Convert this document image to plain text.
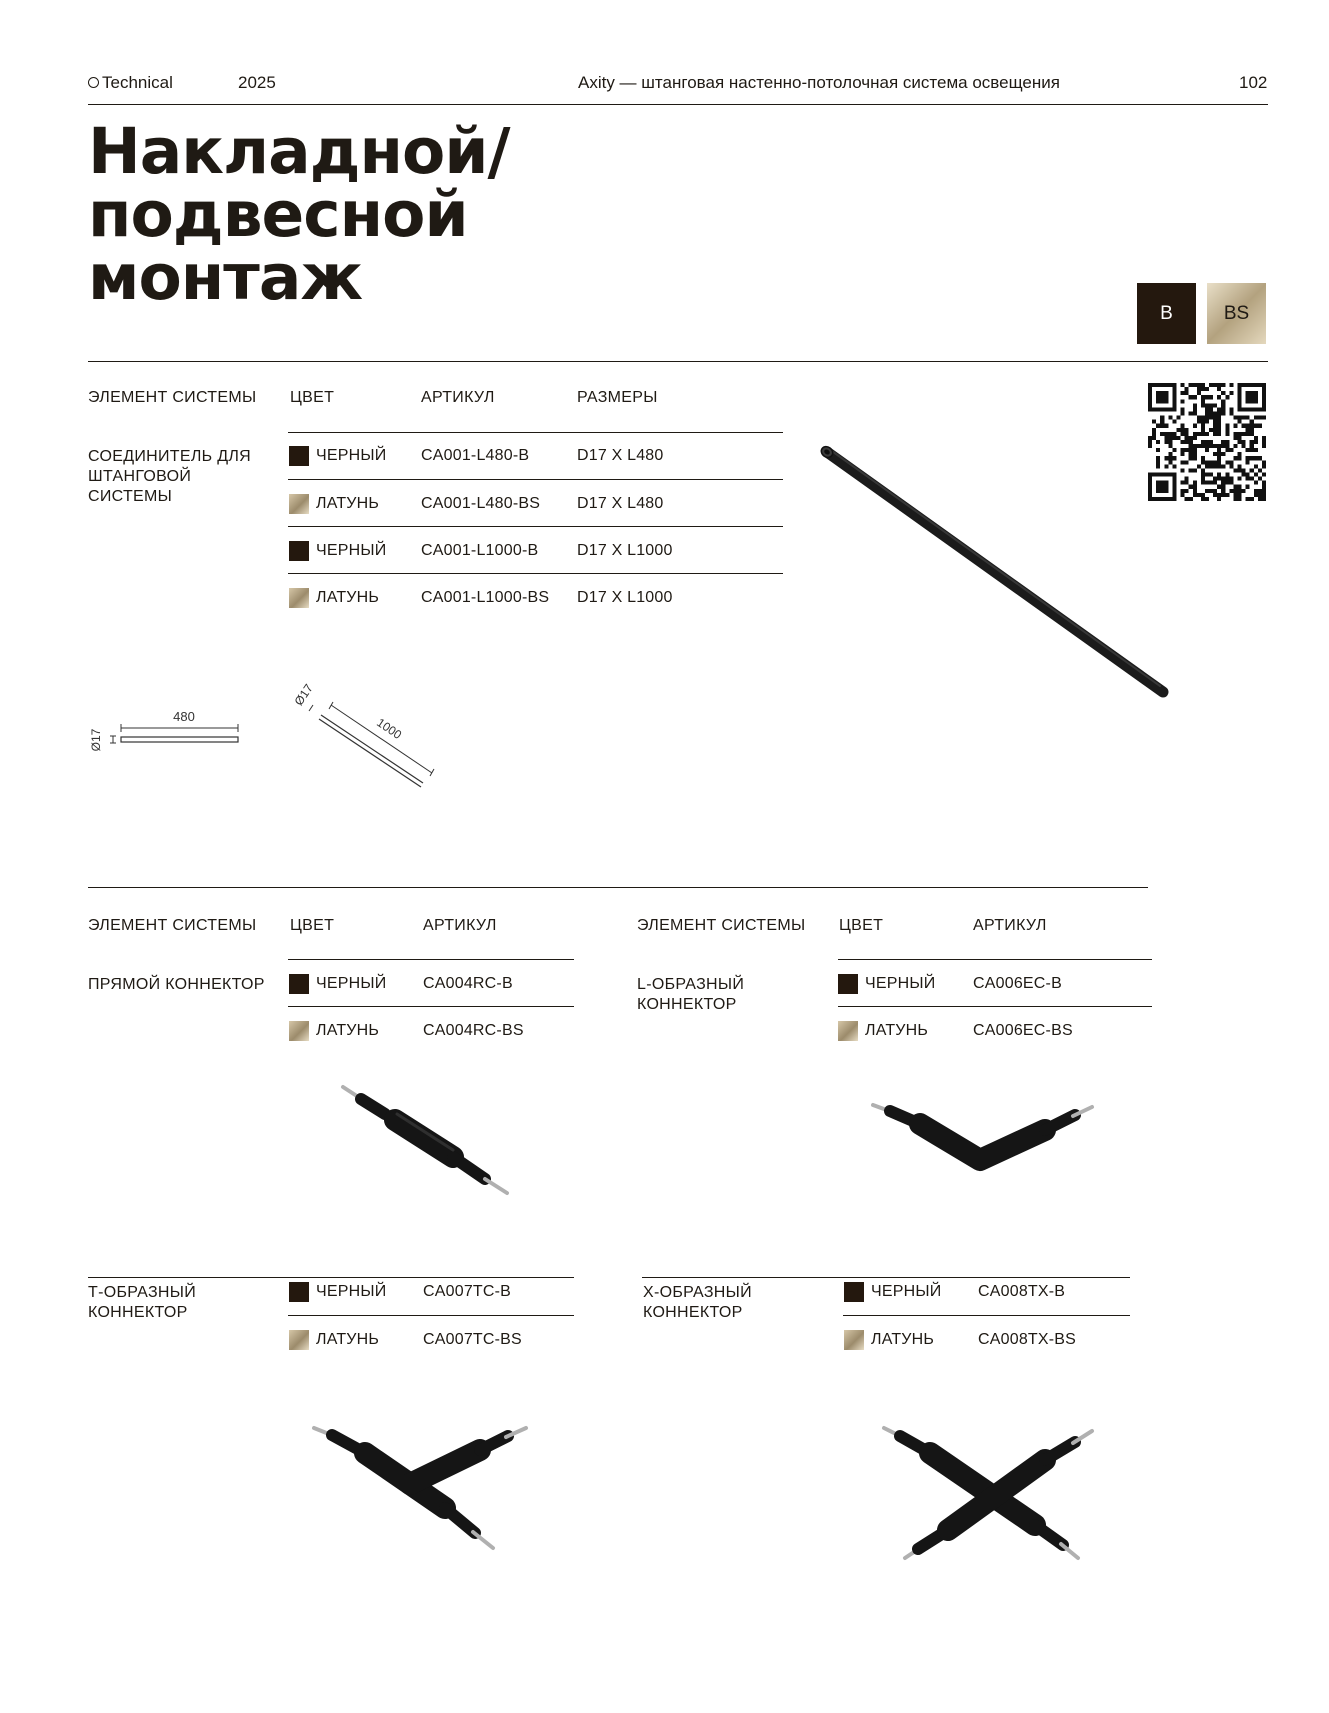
Technical	2025	Axity — штанговая настенно-потолочная система освещения	102
Накладной/
подвесной
монтаж	B	BS
ЭЛЕМЕНТ СИСТЕМЫ ЦВЕТ	АРТИКУЛ	РАЗМЕРЫ
СОЕДИНИТЕЛЬ ДЛЯ ШТАНГОВОЙ СИСТЕМЫ
ЧЕРНЫЙ CA001-L480-B	D17 X L480
ЛАТУНЬ	CA001-L480-BS D17 X L480
ЧЕРНЫЙ CA001-L1000-B D17 X L1000
ЛАТУНЬ	CA001-L1000-BS D17 X L1000
480
Ø17	1000
Ø17
ЭЛЕМЕНТ СИСТЕМЫ ЦВЕТ	АРТИКУЛ	ЭЛЕМЕНТ СИСТЕМЫ ЦВЕТ	АРТИКУЛ
ПРЯМОЙ КОННЕКТОР	ЧЕРНЫЙ CA004RC-B
ЛАТУНЬ	CA004RC-BS
L-ОБРАЗНЫЙ КОННЕКТОР
ЧЕРНЫЙ CA006EC-B
ЛАТУНЬ	CA006EC-BS
Т-ОБРАЗНЫЙ КОННЕКТОР
ЧЕРНЫЙ CA007TC-B
ЛАТУНЬ	CA007TC-BS
Х-ОБРАЗНЫЙ КОННЕКТОР
ЧЕРНЫЙ CA008TX-B
ЛАТУНЬ	CA008TX-BS
